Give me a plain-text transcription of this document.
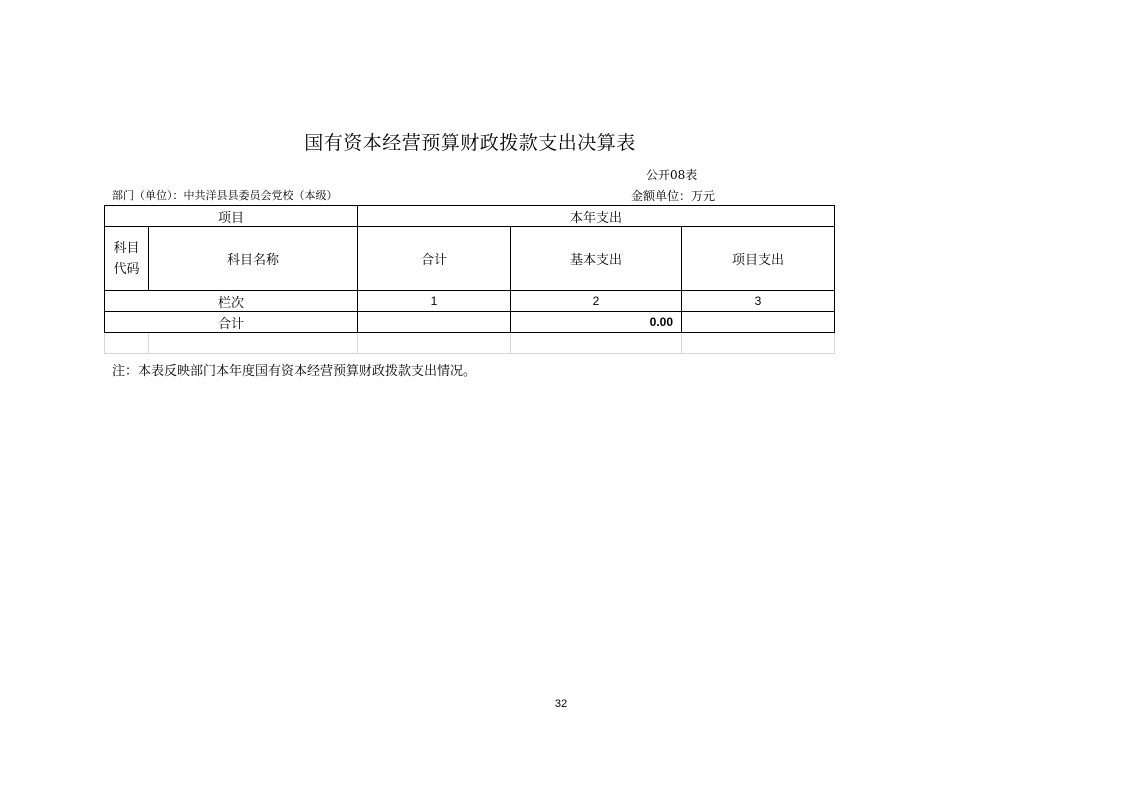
国有资本经营预算财政拨款支出决算表
公开08表
部门（单位）：中共洋县县委员会党校（本级）	金额单位：万元
项目		本年支出		

科目
代码	科目名称	合计	基本支出	项目支出
栏次		1	2	3
合计			0.00	

注：本表反映部门本年度国有资本经营预算财政拨款支出情况。
32
